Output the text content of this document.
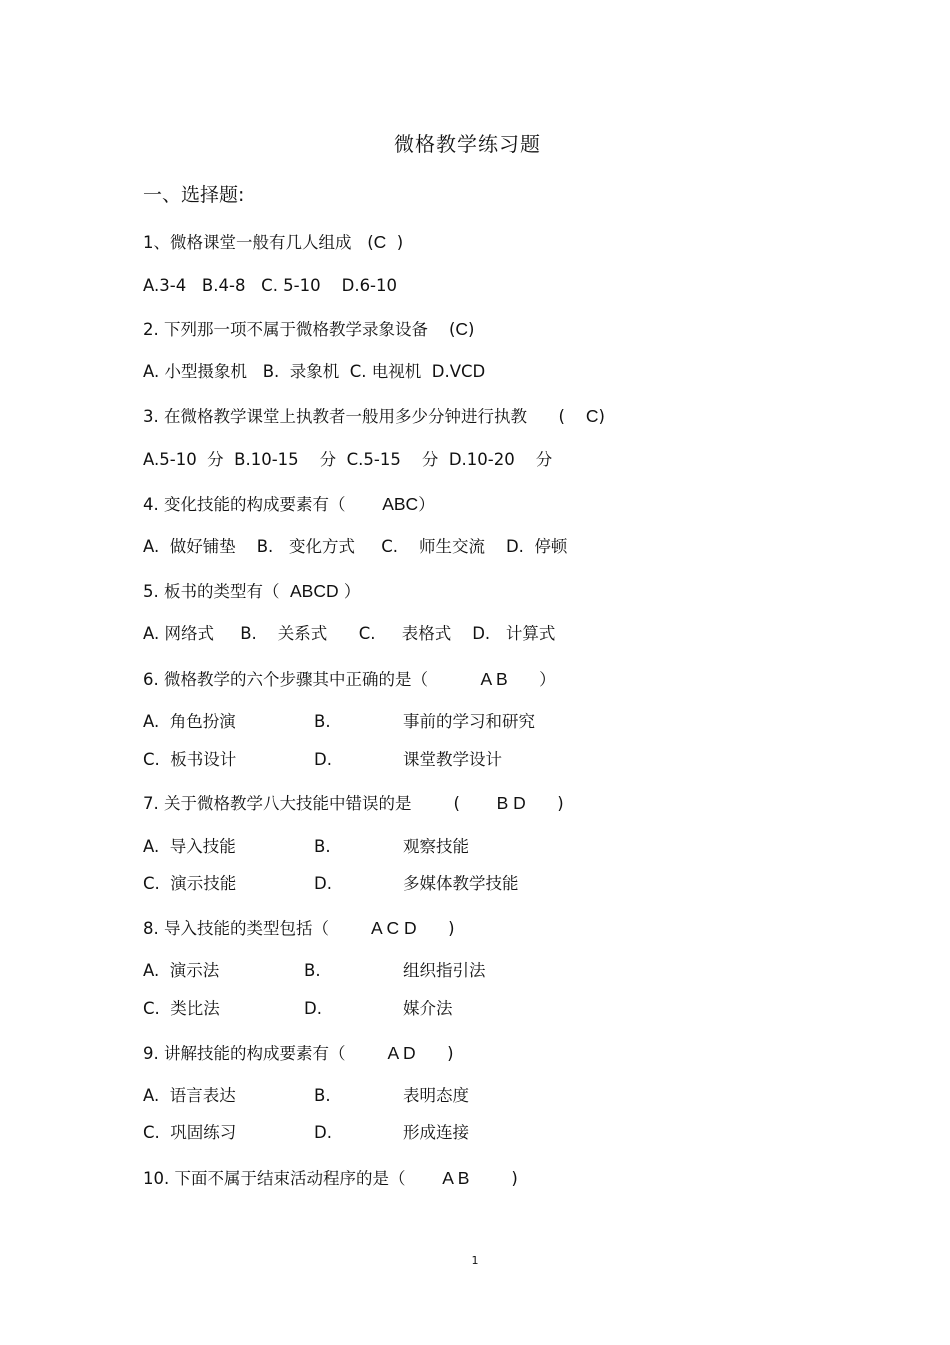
微格教学练习题
一、选择题:
1、微格课堂一般有几人组成   (C  )
A.3-4   B.4-8   C. 5-10    D.6-10
2. 下列那一项不属于微格教学录象设备    (C)
A. 小型摄象机   B.  录象机  C. 电视机  D.VCD
3. 在微格教学课堂上执教者一般用多少分钟进行执教      (    C)
A.5-10  分  B.10-15    分  C.5-15    分  D.10-20    分
4. 变化技能的构成要素有（       ABC）
A.  做好铺垫    B.   变化方式     C.    师生交流    D.  停顿
5. 板书的类型有（  ABCD ）
A. 网络式     B.    关系式      C.     表格式    D.   计算式
6. 微格教学的六个步骤其中正确的是（          A B      ）
A.  角色扮演	B.	事前的学习和研究
C.  板书设计	D.	课堂教学设计
7. 关于微格教学八大技能中错误的是        (       B D      )
A.  导入技能	B.	观察技能
C.  演示技能	D.	多媒体教学技能
8. 导入技能的类型包括（        A C D      )
A.  演示法	B.	组织指引法
C.  类比法	D.	媒介法
9. 讲解技能的构成要素有（        A D      )
A.  语言表达	B.	表明态度
C.  巩固练习	D.	形成连接
10. 下面不属于结束活动程序的是（       A B        )
1
